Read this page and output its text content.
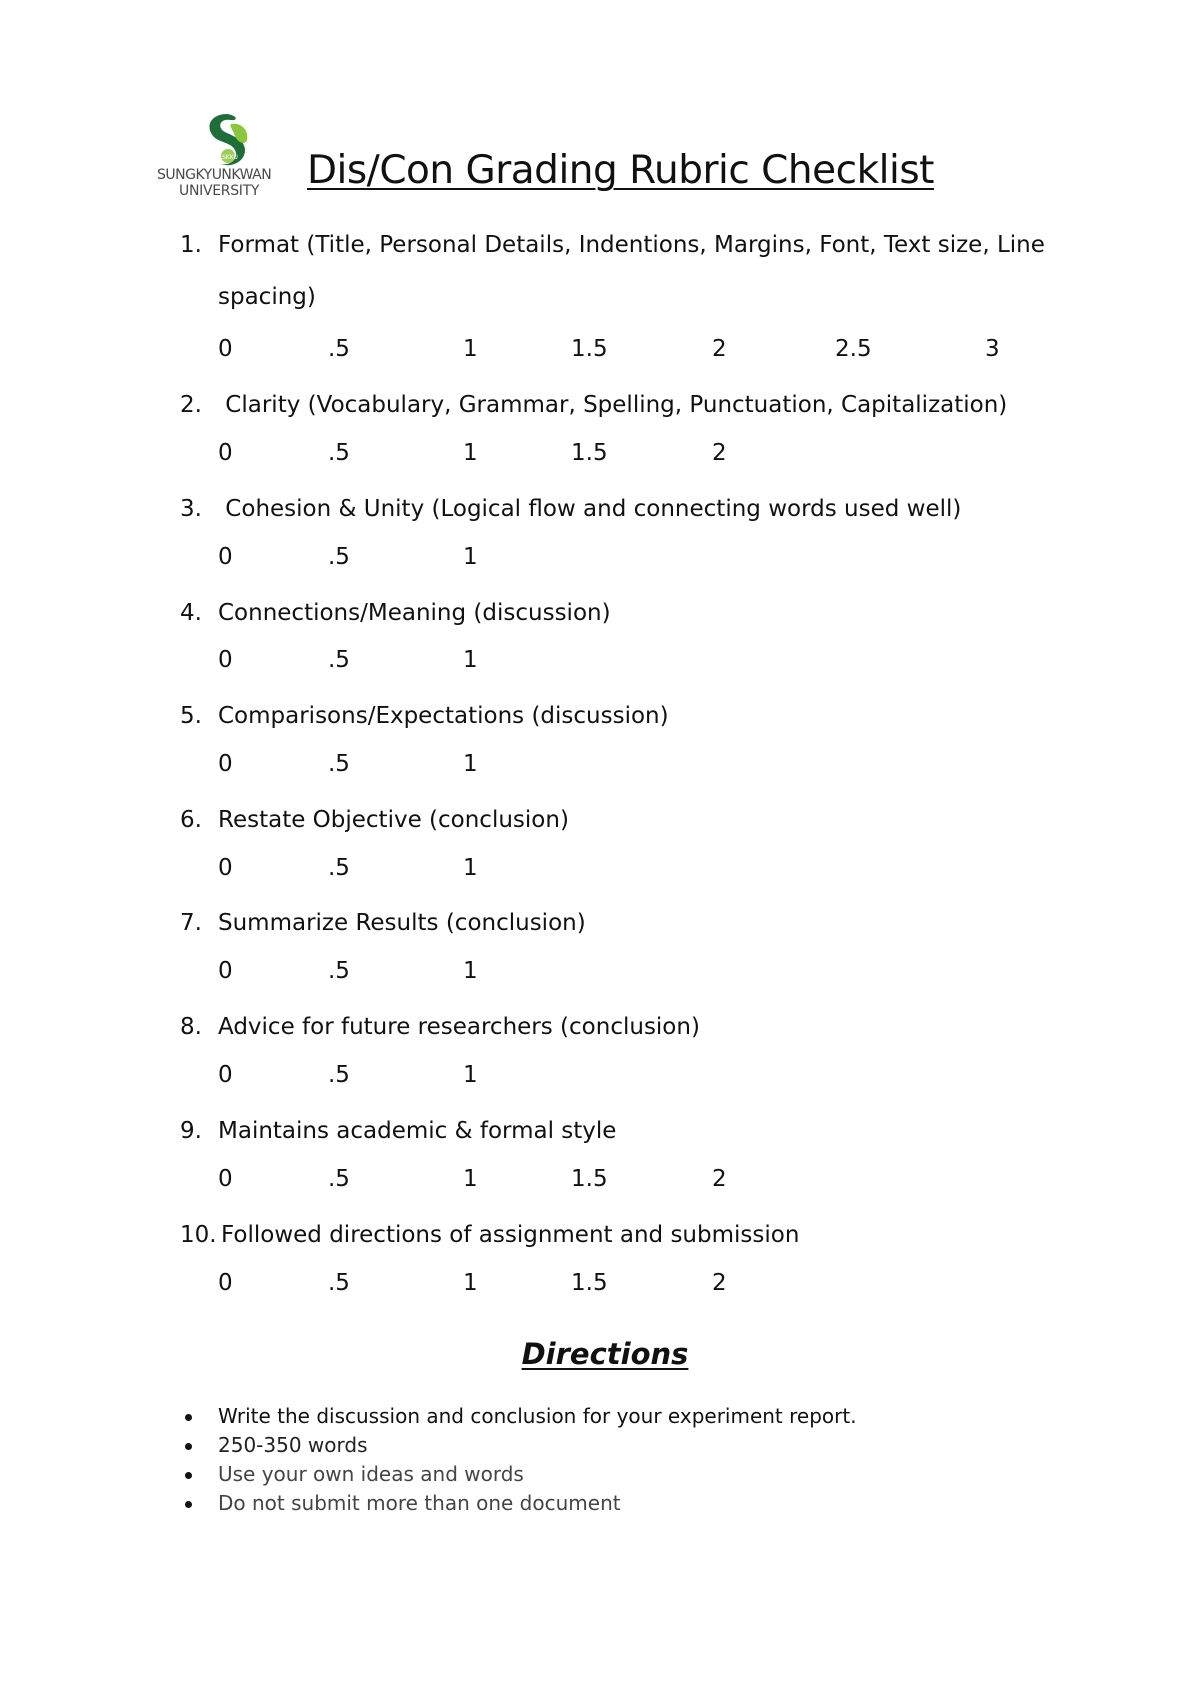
SKKU
SUNGKYUNKWAN
UNIVERSITY Dis/Con Grading Rubric Checklist
1. Format (Title, Personal Details, Indentions, Margins, Font, Text size, Line
spacing)
0	.5	1	1.5	2	2.5	3
2. Clarity (Vocabulary, Grammar, Spelling, Punctuation, Capitalization)
0	.5	1	1.5	2
3. Cohesion & Unity (Logical flow and connecting words used well)
0	.5	1
4. Connections/Meaning (discussion)
0	.5	1
5. Comparisons/Expectations (discussion)
0	.5	1
6. Restate Objective (conclusion)
0	.5	1
7. Summarize Results (conclusion)
0	.5	1
8. Advice for future researchers (conclusion)
0	.5	1
9. Maintains academic & formal style
0	.5	1	1.5	2
10. Followed directions of assignment and submission
0	.5	1	1.5	2
Directions
Write the discussion and conclusion for your experiment report.
250-350 words
Use your own ideas and words
Do not submit more than one document
